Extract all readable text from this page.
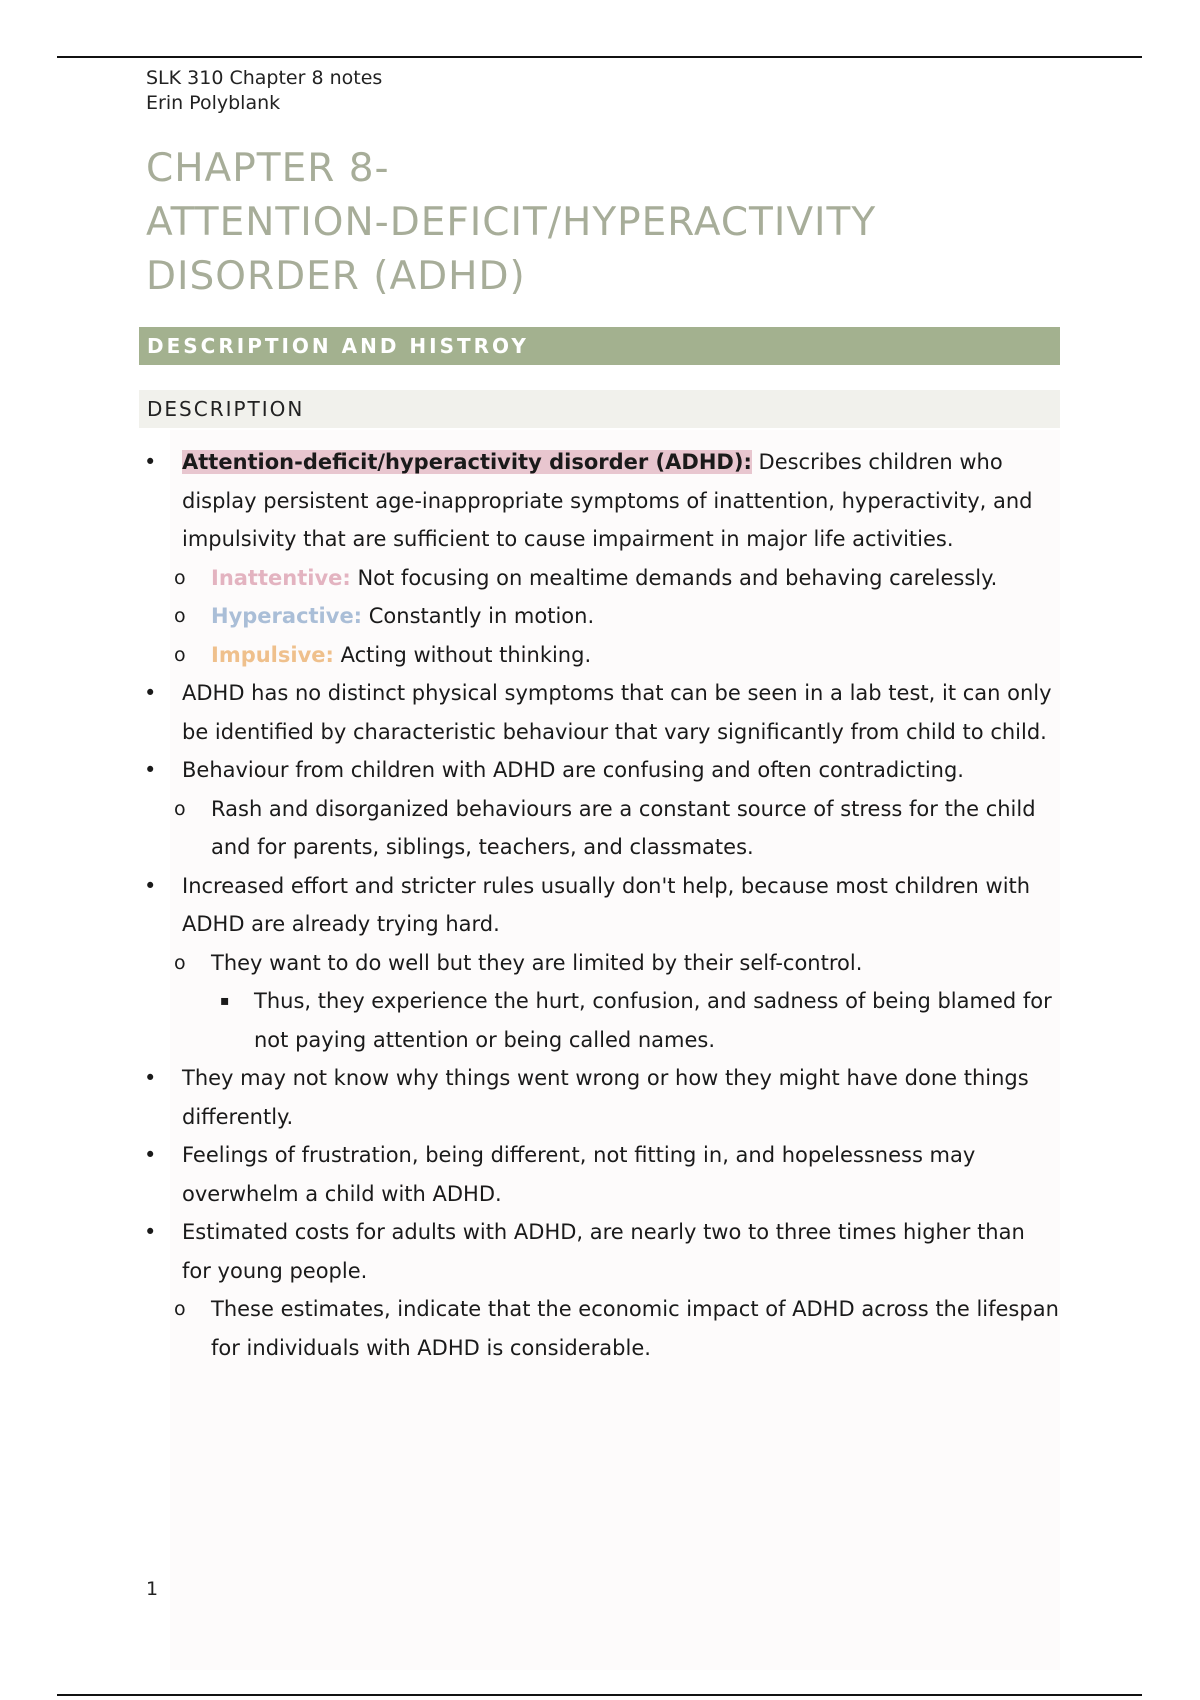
SLK 310 Chapter 8 notes
Erin Polyblank
CHAPTER 8-
ATTENTION-DEFICIT/HYPERACTIVITY
DISORDER (ADHD)
DESCRIPTION AND HISTROY
DESCRIPTION
• Attention-deficit/hyperactivity disorder (ADHD): Describes children who display persistent age-inappropriate symptoms of inattention, hyperactivity, and impulsivity that are sufficient to cause impairment in major life activities.
o Inattentive: Not focusing on mealtime demands and behaving carelessly.
o Hyperactive: Constantly in motion.
o Impulsive: Acting without thinking.
• ADHD has no distinct physical symptoms that can be seen in a lab test, it can only be identified by characteristic behaviour that vary significantly from child to child.
• Behaviour from children with ADHD are confusing and often contradicting.
o Rash and disorganized behaviours are a constant source of stress for the child and for parents, siblings, teachers, and classmates.
• Increased effort and stricter rules usually don't help, because most children with ADHD are already trying hard.
o They want to do well but they are limited by their self-control.
▪ Thus, they experience the hurt, confusion, and sadness of being blamed for not paying attention or being called names.
• They may not know why things went wrong or how they might have done things differently.
• Feelings of frustration, being different, not fitting in, and hopelessness may overwhelm a child with ADHD.
• Estimated costs for adults with ADHD, are nearly two to three times higher than for young people.
o These estimates, indicate that the economic impact of ADHD across the lifespan for individuals with ADHD is considerable.
1
